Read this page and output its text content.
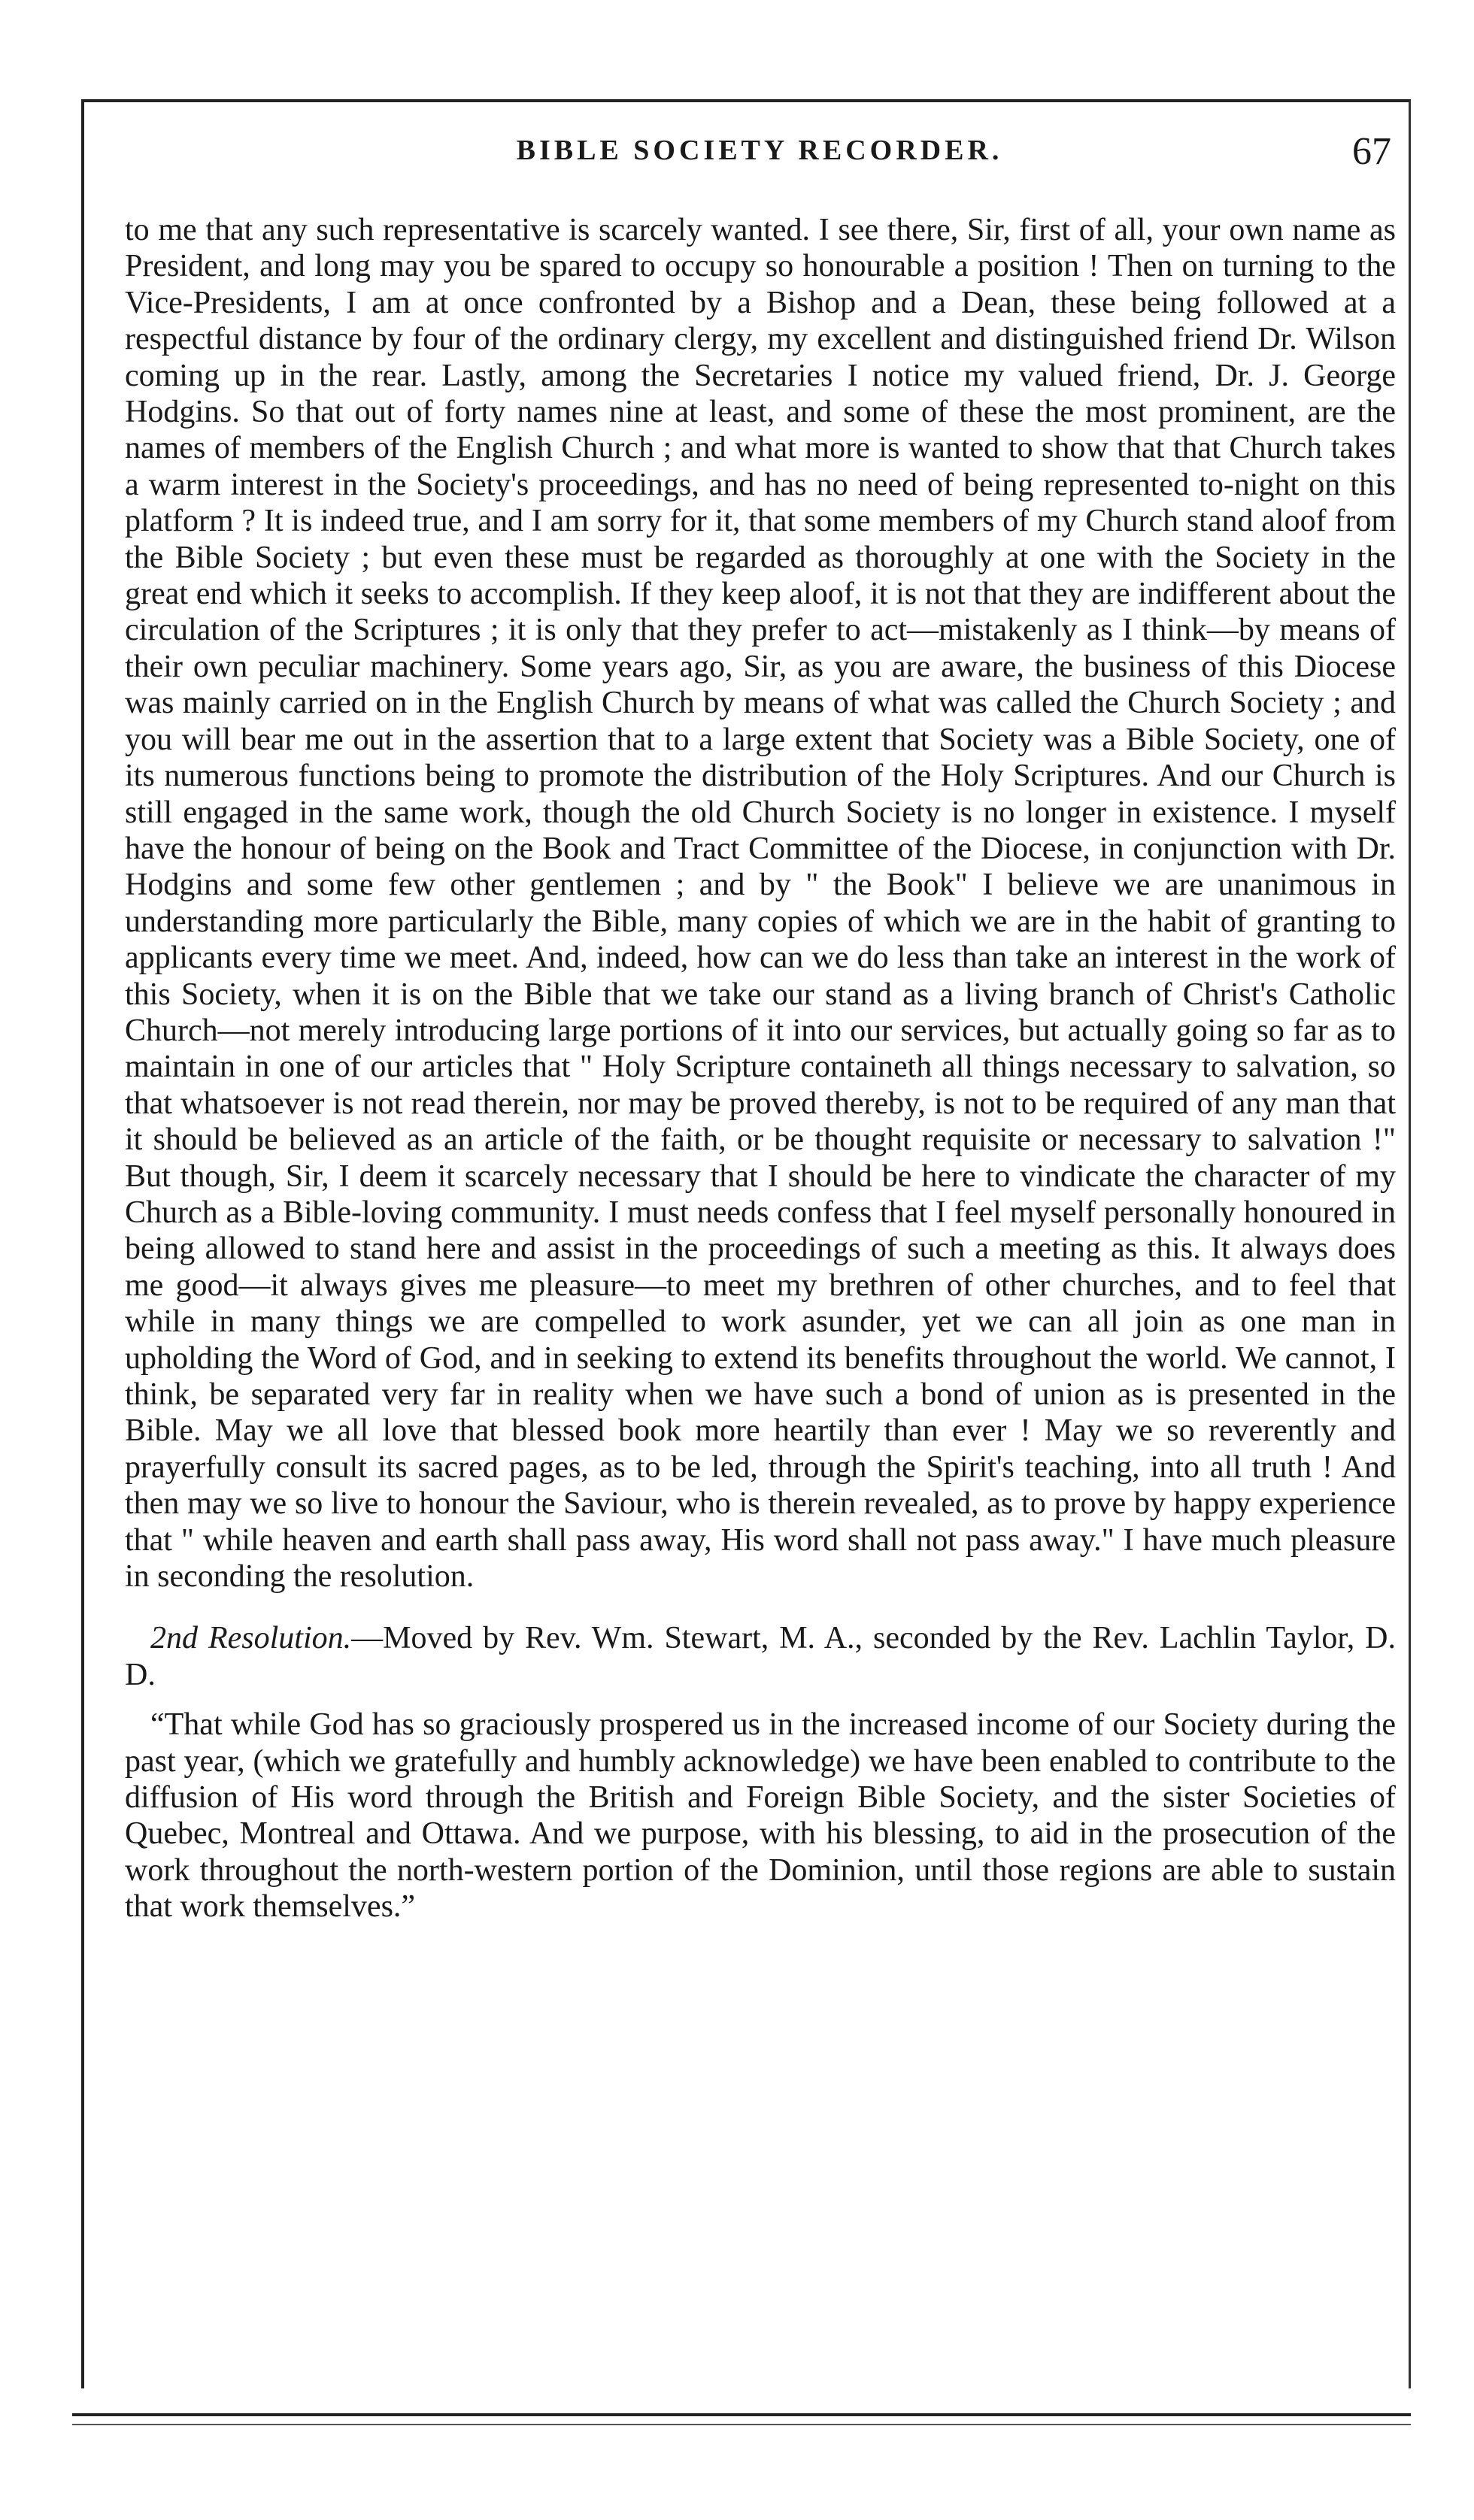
BIBLE SOCIETY RECORDER.	67

to me that any such representative is scarcely wanted. I see there, Sir, first of all, your own name as President, and long may you be spared to occupy so honourable a position ! Then on turning to the Vice-Presidents, I am at once confronted by a Bishop and a Dean, these being followed at a respectful distance by four of the ordinary clergy, my excellent and distinguished friend Dr. Wilson coming up in the rear. Lastly, among the Secretaries I notice my valued friend, Dr. J. George Hodgins. So that out of forty names nine at least, and some of these the most prominent, are the names of members of the English Church ; and what more is wanted to show that that Church takes a warm interest in the Society's proceedings, and has no need of being represented to-night on this platform ? It is indeed true, and I am sorry for it, that some members of my Church stand aloof from the Bible Society ; but even these must be regarded as thoroughly at one with the Society in the great end which it seeks to accomplish. If they keep aloof, it is not that they are indifferent about the circulation of the Scriptures ; it is only that they prefer to act—mistakenly as I think—by means of their own peculiar machinery. Some years ago, Sir, as you are aware, the business of this Diocese was mainly carried on in the English Church by means of what was called the Church Society ; and you will bear me out in the assertion that to a large extent that Society was a Bible Society, one of its numerous functions being to promote the distribution of the Holy Scriptures. And our Church is still engaged in the same work, though the old Church Society is no longer in existence. I myself have the honour of being on the Book and Tract Committee of the Diocese, in conjunction with Dr. Hodgins and some few other gentlemen ; and by " the Book" I believe we are unanimous in understanding more particularly the Bible, many copies of which we are in the habit of granting to applicants every time we meet. And, indeed, how can we do less than take an interest in the work of this Society, when it is on the Bible that we take our stand as a living branch of Christ's Catholic Church—not merely introducing large portions of it into our services, but actually going so far as to maintain in one of our articles that " Holy Scripture containeth all things necessary to salvation, so that whatsoever is not read therein, nor may be proved thereby, is not to be required of any man that it should be believed as an article of the faith, or be thought requisite or necessary to salvation !" But though, Sir, I deem it scarcely necessary that I should be here to vindicate the character of my Church as a Bible-loving community. I must needs confess that I feel myself personally honoured in being allowed to stand here and assist in the proceedings of such a meeting as this. It always does me good—it always gives me pleasure—to meet my brethren of other churches, and to feel that while in many things we are compelled to work asunder, yet we can all join as one man in upholding the Word of God, and in seeking to extend its benefits throughout the world. We cannot, I think, be separated very far in reality when we have such a bond of union as is presented in the Bible. May we all love that blessed book more heartily than ever ! May we so reverently and prayerfully consult its sacred pages, as to be led, through the Spirit's teaching, into all truth ! And then may we so live to honour the Saviour, who is therein revealed, as to prove by happy experience that " while heaven and earth shall pass away, His word shall not pass away." I have much pleasure in seconding the resolution.

2nd Resolution.—Moved by Rev. Wm. Stewart, M. A., seconded by the Rev. Lachlin Taylor, D. D.

“That while God has so graciously prospered us in the increased income of our Society during the past year, (which we gratefully and humbly acknowledge) we have been enabled to contribute to the diffusion of His word through the British and Foreign Bible Society, and the sister Societies of Quebec, Montreal and Ottawa. And we purpose, with his blessing, to aid in the prosecution of the work throughout the north-western portion of the Dominion, until those regions are able to sustain that work themselves.”
